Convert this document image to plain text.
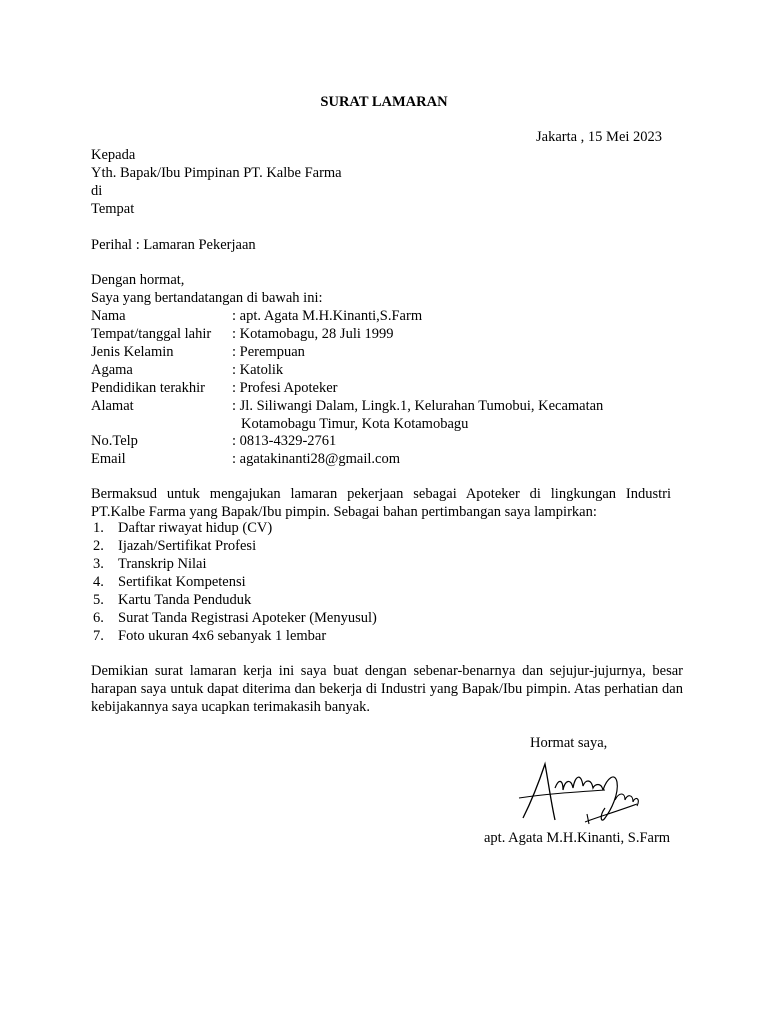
SURAT LAMARAN
Jakarta , 15 Mei 2023
Kepada
Yth. Bapak/Ibu Pimpinan PT. Kalbe Farma
di
Tempat
Perihal : Lamaran Pekerjaan
Dengan hormat,
Saya yang bertandatangan di bawah ini:
Nama	: apt. Agata M.H.Kinanti,S.Farm
Tempat/tanggal lahir : Kotamobagu, 28 Juli 1999
Jenis Kelamin	: Perempuan
Agama	: Katolik
Pendidikan terakhir : Profesi Apoteker
Alamat	: Jl. Siliwangi Dalam, Lingk.1, Kelurahan Tumobui, Kecamatan
Kotamobagu Timur, Kota Kotamobagu
No.Telp	: 0813-4329-2761
Email	: agatakinanti28@gmail.com
Bermaksud untuk mengajukan lamaran pekerjaan sebagai Apoteker di lingkungan Industri PT.Kalbe Farma yang Bapak/Ibu pimpin. Sebagai bahan pertimbangan saya lampirkan:
1. Daftar riwayat hidup (CV)
2. Ijazah/Sertifikat Profesi
3. Transkrip Nilai
4. Sertifikat Kompetensi
5. Kartu Tanda Penduduk
6. Surat Tanda Registrasi Apoteker (Menyusul)
7. Foto ukuran 4x6 sebanyak 1 lembar
Demikian surat lamaran kerja ini saya buat dengan sebenar-benarnya dan sejujur-jujurnya, besar harapan saya untuk dapat diterima dan bekerja di Industri yang Bapak/Ibu pimpin. Atas perhatian dan kebijakannya saya ucapkan terimakasih banyak.
Hormat saya,
apt. Agata M.H.Kinanti, S.Farm
